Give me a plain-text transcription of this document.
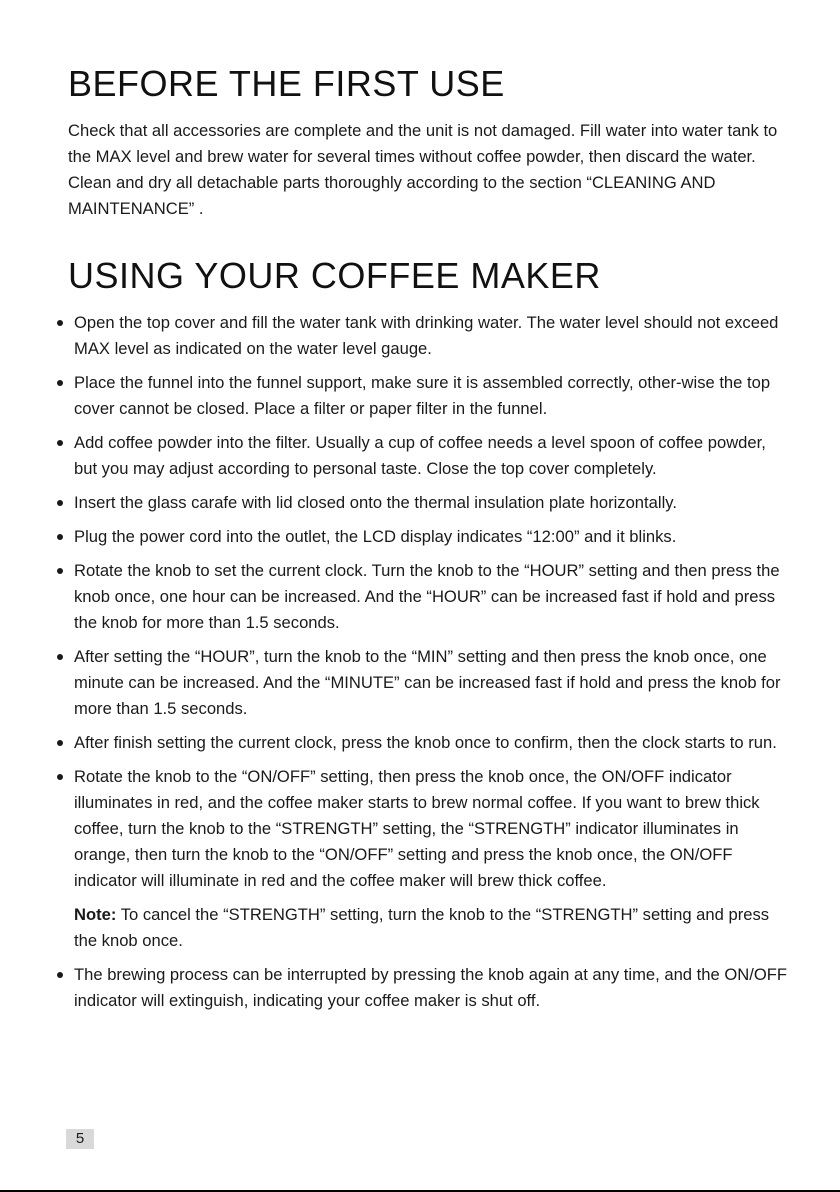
BEFORE THE FIRST USE

Check that all accessories are complete and the unit is not damaged. Fill water into water tank to the MAX level and brew water for several times without coffee powder, then discard the water. Clean and dry all detachable parts thoroughly according to the section “CLEANING AND MAINTENANCE” .

USING YOUR COFFEE MAKER
Open the top cover and fill the water tank with drinking water. The water level should not exceed MAX level as indicated on the water level gauge.
Place the funnel into the funnel support, make sure it is assembled correctly, other-wise the top cover cannot be closed. Place a filter or paper filter in the funnel.
Add coffee powder into the filter. Usually a cup of coffee needs a level spoon of coffee powder, but you may adjust according to personal taste. Close the top cover completely.
Insert the glass carafe with lid closed onto the thermal insulation plate horizontally.
Plug the power cord into the outlet, the LCD display indicates “12:00” and it blinks.
Rotate the knob to set the current clock. Turn the knob to the “HOUR” setting and then press the knob once, one hour can be increased. And the “HOUR” can be increased fast if hold and press the knob for more than 1.5 seconds.
After setting the “HOUR”, turn the knob to the “MIN” setting and then press the knob once, one minute can be increased. And the “MINUTE” can be increased fast if hold and press the knob for more than 1.5 seconds.
After finish setting the current clock, press the knob once to confirm, then the clock starts to run.
Rotate the knob to the “ON/OFF” setting, then press the knob once, the ON/OFF indicator illuminates in red, and the coffee maker starts to brew normal coffee. If you want to brew thick coffee, turn the knob to the “STRENGTH” setting, the “STRENGTH” indicator illuminates in orange, then turn the knob to the “ON/OFF” setting and press the knob once, the ON/OFF indicator will illuminate in red and the coffee maker will brew thick coffee.
Note: To cancel the “STRENGTH” setting, turn the knob to the “STRENGTH” setting and press the knob once.
The brewing process can be interrupted by pressing the knob again at any time, and the ON/OFF indicator will extinguish, indicating your coffee maker is shut off.
5
